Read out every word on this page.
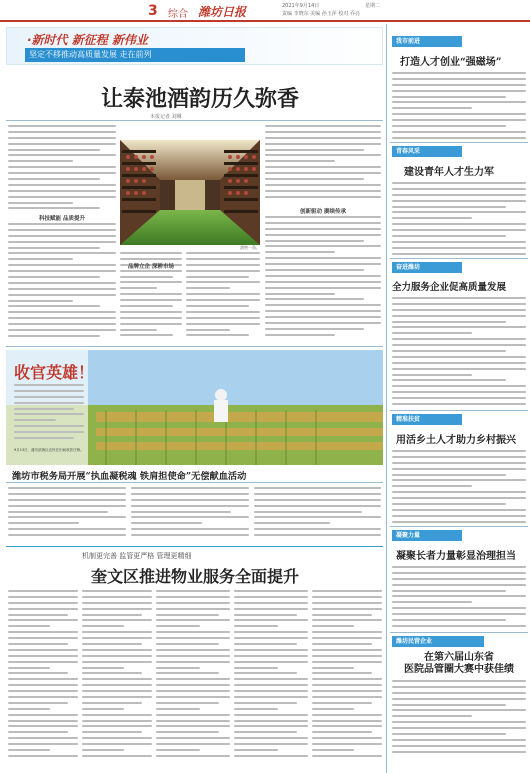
3 综合 潍坊日报	2021年9月14日	星期二
责编 李晓东 美编 孙玉萍 校对 乔亮
·新时代 新征程 新伟业
坚定不移推动高质量发展 走在前列
让泰池酒韵历久弥香
本报记者 刘琳
科技赋能 品质提升
酒窖一角。
品牌立企 深耕市场
创新驱动 赓续传承
收官英雄！
9月13日，潍坊滨海区农民在田间收获庄稼。
潍坊市税务局开展“执血凝税魂 铁肩担使命”无偿献血活动
机制更完善 监管更严格 管理更精细
奎文区推进物业服务全面提升
我市前进
打造人才创业“强磁场”
青春风采
建设青年人才生力军
奋进潍坊
全力服务企业促高质量发展
精准扶贫
用活乡土人才助力乡村振兴
凝聚力量
凝聚长者力量彰显治理担当
潍坊民营企业
在第六届山东省
医院品管圈大赛中获佳绩
